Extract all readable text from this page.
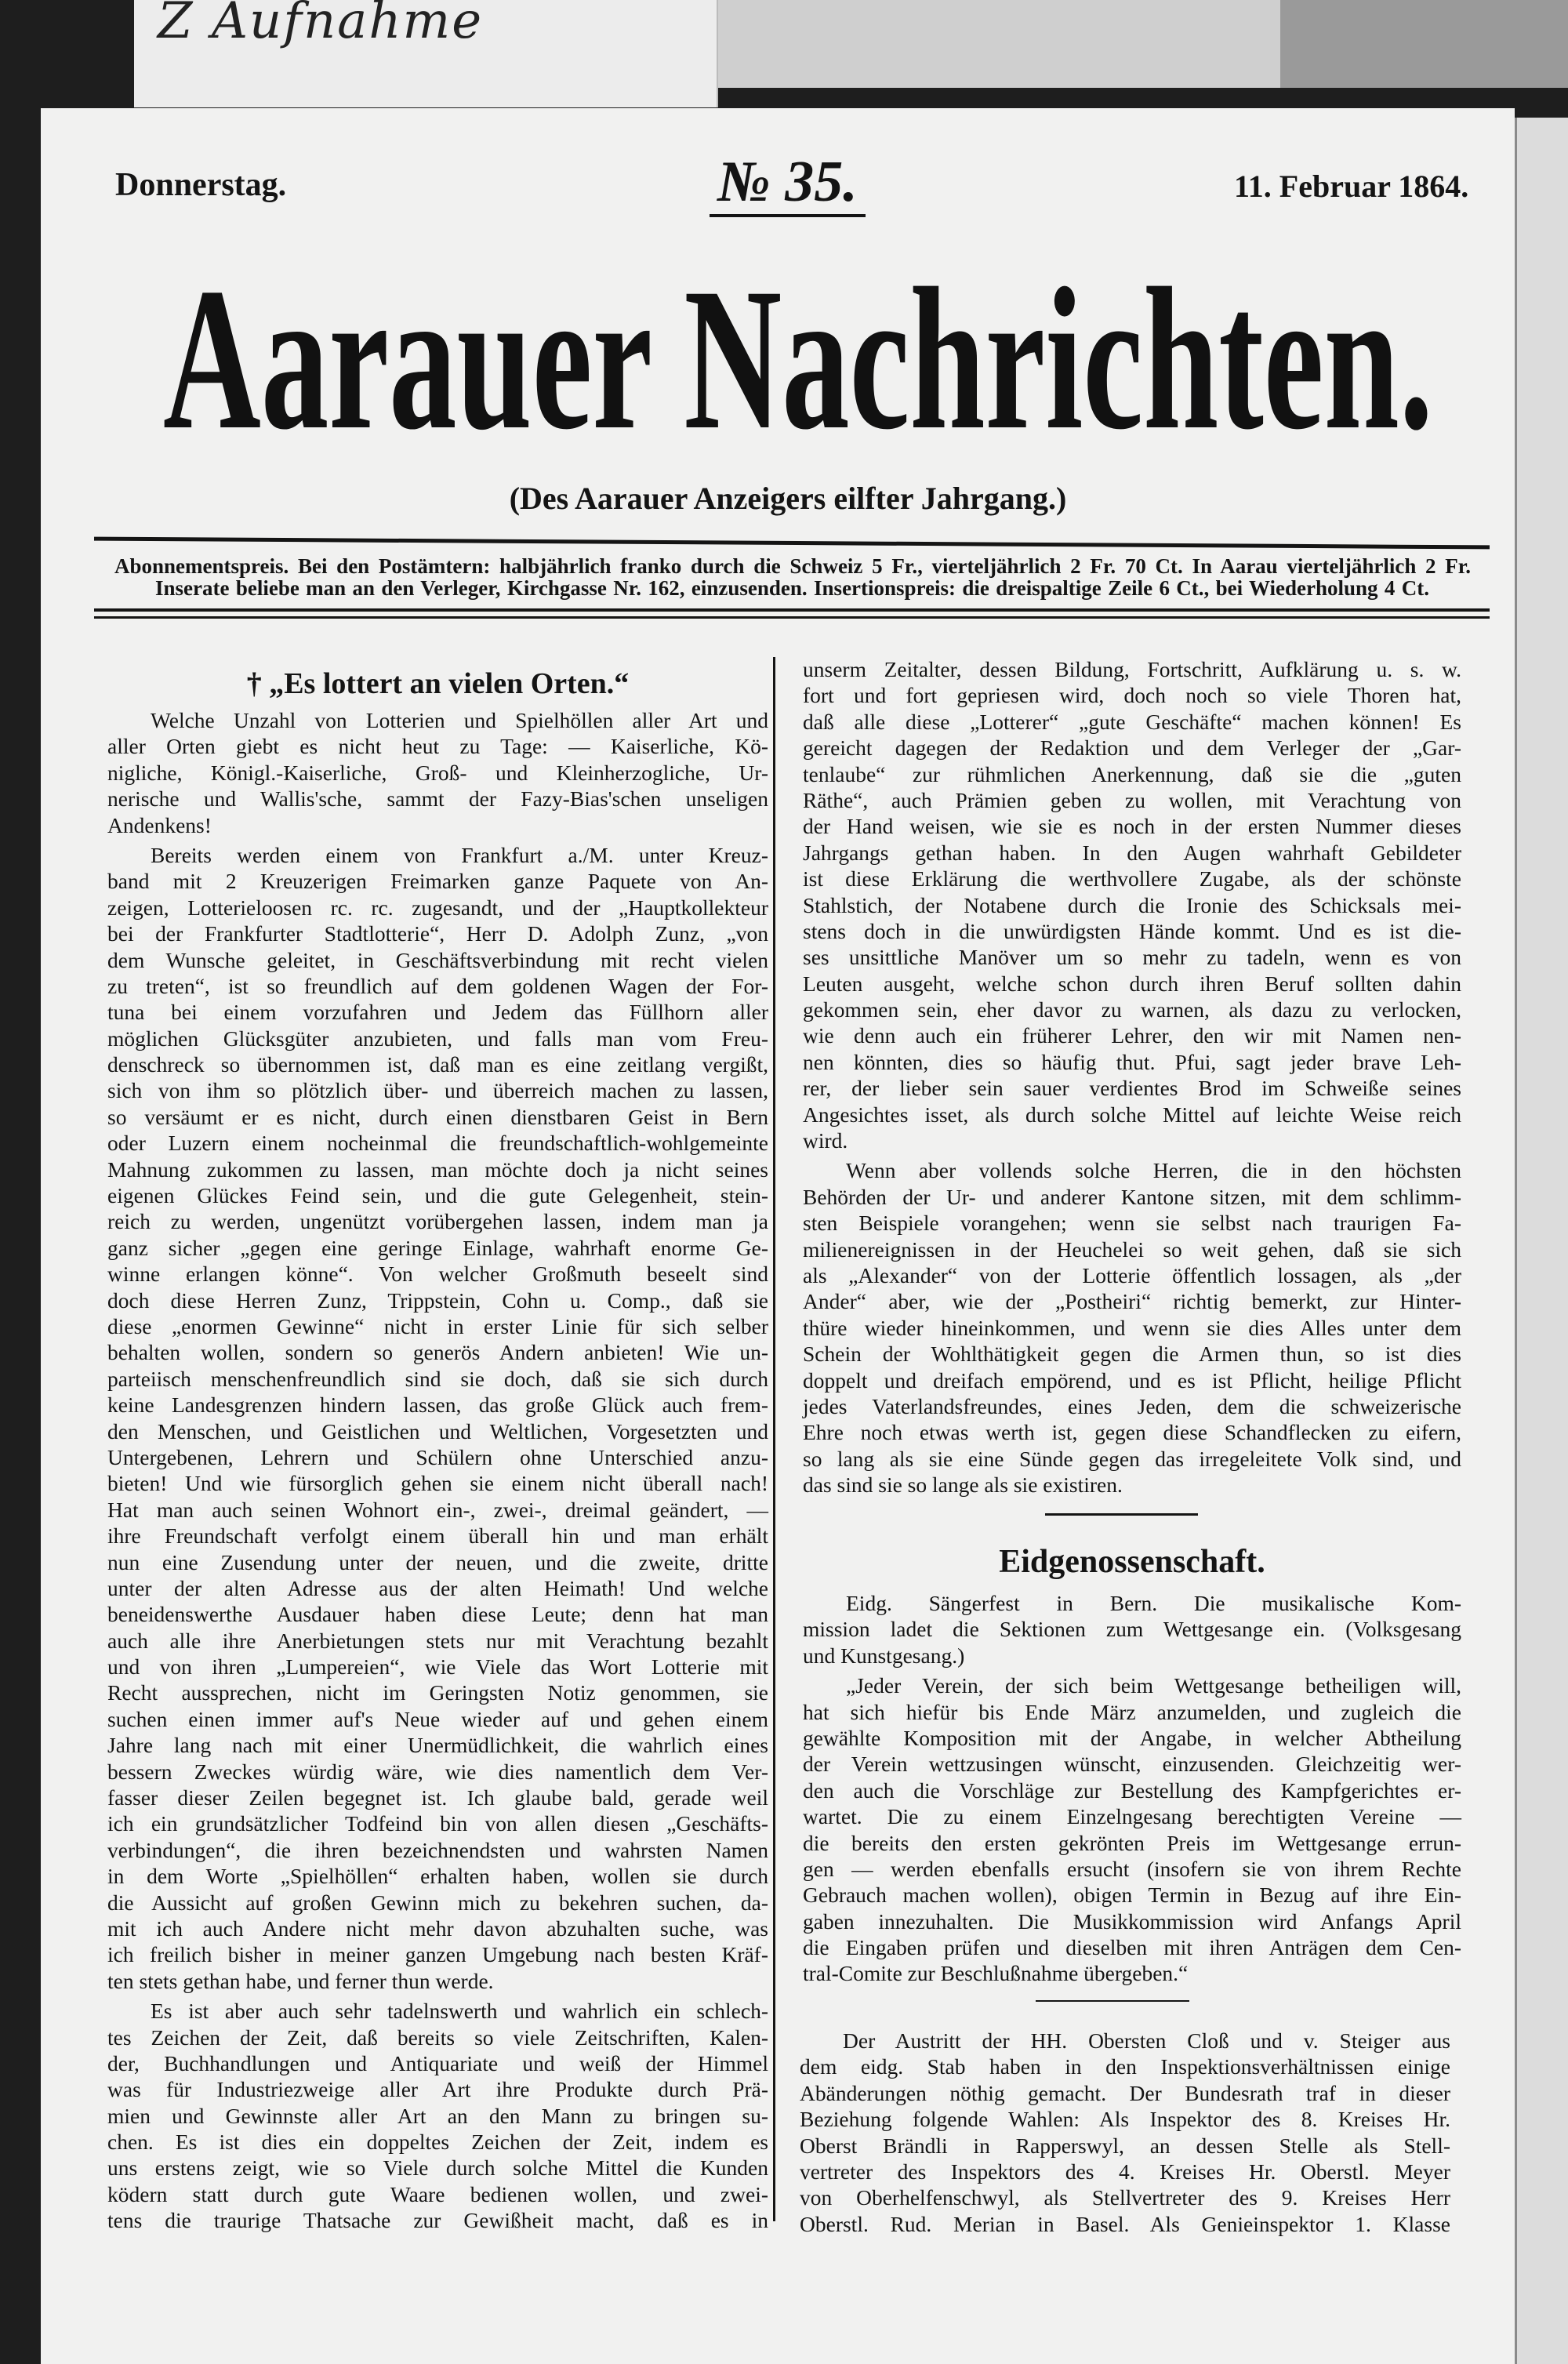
Z Aufnahme
Donnerstag.	№ 35.	11. Februar 1864.
Aarauer Nachrichten.
(Des Aarauer Anzeigers eilfter Jahrgang.)
Abonnementspreis. Bei den Postämtern: halbjährlich franko durch die Schweiz 5 Fr., vierteljährlich 2 Fr. 70 Ct. In Aarau vierteljährlich 2 Fr.
Inserate beliebe man an den Verleger, Kirchgasse Nr. 162, einzusenden. Insertionspreis: die dreispaltige Zeile 6 Ct., bei Wiederholung 4 Ct.
† „Es lottert an vielen Orten.“
Welche Unzahl von Lotterien und Spielhöllen aller Art und
aller Orten giebt es nicht heut zu Tage: — Kaiserliche, Kö-
nigliche, Königl.-Kaiserliche, Groß- und Kleinherzogliche, Ur-
nerische und Wallis'sche, sammt der Fazy-Bias'schen unseligen
Andenkens!
Bereits werden einem von Frankfurt a./M. unter Kreuz-
band mit 2 Kreuzerigen Freimarken ganze Paquete von An-
zeigen, Lotterieloosen rc. rc. zugesandt, und der „Hauptkollekteur
bei der Frankfurter Stadtlotterie“, Herr D. Adolph Zunz, „von
dem Wunsche geleitet, in Geschäftsverbindung mit recht vielen
zu treten“, ist so freundlich auf dem goldenen Wagen der For-
tuna bei einem vorzufahren und Jedem das Füllhorn aller
möglichen Glücksgüter anzubieten, und falls man vom Freu-
denschreck so übernommen ist, daß man es eine zeitlang vergißt,
sich von ihm so plötzlich über- und überreich machen zu lassen,
so versäumt er es nicht, durch einen dienstbaren Geist in Bern
oder Luzern einem nocheinmal die freundschaftlich-wohlgemeinte
Mahnung zukommen zu lassen, man möchte doch ja nicht seines
eigenen Glückes Feind sein, und die gute Gelegenheit, stein-
reich zu werden, ungenützt vorübergehen lassen, indem man ja
ganz sicher „gegen eine geringe Einlage, wahrhaft enorme Ge-
winne erlangen könne“. Von welcher Großmuth beseelt sind
doch diese Herren Zunz, Trippstein, Cohn u. Comp., daß sie
diese „enormen Gewinne“ nicht in erster Linie für sich selber
behalten wollen, sondern so generös Andern anbieten! Wie un-
parteiisch menschenfreundlich sind sie doch, daß sie sich durch
keine Landesgrenzen hindern lassen, das große Glück auch frem-
den Menschen, und Geistlichen und Weltlichen, Vorgesetzten und
Untergebenen, Lehrern und Schülern ohne Unterschied anzu-
bieten! Und wie fürsorglich gehen sie einem nicht überall nach!
Hat man auch seinen Wohnort ein-, zwei-, dreimal geändert, —
ihre Freundschaft verfolgt einem überall hin und man erhält
nun eine Zusendung unter der neuen, und die zweite, dritte
unter der alten Adresse aus der alten Heimath! Und welche
beneidenswerthe Ausdauer haben diese Leute; denn hat man
auch alle ihre Anerbietungen stets nur mit Verachtung bezahlt
und von ihren „Lumpereien“, wie Viele das Wort Lotterie mit
Recht aussprechen, nicht im Geringsten Notiz genommen, sie
suchen einen immer auf's Neue wieder auf und gehen einem
Jahre lang nach mit einer Unermüdlichkeit, die wahrlich eines
bessern Zweckes würdig wäre, wie dies namentlich dem Ver-
fasser dieser Zeilen begegnet ist. Ich glaube bald, gerade weil
ich ein grundsätzlicher Todfeind bin von allen diesen „Geschäfts-
verbindungen“, die ihren bezeichnendsten und wahrsten Namen
in dem Worte „Spielhöllen“ erhalten haben, wollen sie durch
die Aussicht auf großen Gewinn mich zu bekehren suchen, da-
mit ich auch Andere nicht mehr davon abzuhalten suche, was
ich freilich bisher in meiner ganzen Umgebung nach besten Kräf-
ten stets gethan habe, und ferner thun werde.
Es ist aber auch sehr tadelnswerth und wahrlich ein schlech-
tes Zeichen der Zeit, daß bereits so viele Zeitschriften, Kalen-
der, Buchhandlungen und Antiquariate und weiß der Himmel
was für Industriezweige aller Art ihre Produkte durch Prä-
mien und Gewinnste aller Art an den Mann zu bringen su-
chen. Es ist dies ein doppeltes Zeichen der Zeit, indem es
uns erstens zeigt, wie so Viele durch solche Mittel die Kunden
ködern statt durch gute Waare bedienen wollen, und zwei-
tens die traurige Thatsache zur Gewißheit macht, daß es in
unserm Zeitalter, dessen Bildung, Fortschritt, Aufklärung u. s. w.
fort und fort gepriesen wird, doch noch so viele Thoren hat,
daß alle diese „Lotterer“ „gute Geschäfte“ machen können! Es
gereicht dagegen der Redaktion und dem Verleger der „Gar-
tenlaube“ zur rühmlichen Anerkennung, daß sie die „guten
Räthe“, auch Prämien geben zu wollen, mit Verachtung von
der Hand weisen, wie sie es noch in der ersten Nummer dieses
Jahrgangs gethan haben. In den Augen wahrhaft Gebildeter
ist diese Erklärung die werthvollere Zugabe, als der schönste
Stahlstich, der Notabene durch die Ironie des Schicksals mei-
stens doch in die unwürdigsten Hände kommt. Und es ist die-
ses unsittliche Manöver um so mehr zu tadeln, wenn es von
Leuten ausgeht, welche schon durch ihren Beruf sollten dahin
gekommen sein, eher davor zu warnen, als dazu zu verlocken,
wie denn auch ein früherer Lehrer, den wir mit Namen nen-
nen könnten, dies so häufig thut. Pfui, sagt jeder brave Leh-
rer, der lieber sein sauer verdientes Brod im Schweiße seines
Angesichtes isset, als durch solche Mittel auf leichte Weise reich
wird.
Wenn aber vollends solche Herren, die in den höchsten
Behörden der Ur- und anderer Kantone sitzen, mit dem schlimm-
sten Beispiele vorangehen; wenn sie selbst nach traurigen Fa-
milienereignissen in der Heuchelei so weit gehen, daß sie sich
als „Alexander“ von der Lotterie öffentlich lossagen, als „der
Ander“ aber, wie der „Postheiri“ richtig bemerkt, zur Hinter-
thüre wieder hineinkommen, und wenn sie dies Alles unter dem
Schein der Wohlthätigkeit gegen die Armen thun, so ist dies
doppelt und dreifach empörend, und es ist Pflicht, heilige Pflicht
jedes Vaterlandsfreundes, eines Jeden, dem die schweizerische
Ehre noch etwas werth ist, gegen diese Schandflecken zu eifern,
so lang als sie eine Sünde gegen das irregeleitete Volk sind, und
das sind sie so lange als sie existiren.
Eidgenossenschaft.
Eidg. Sängerfest in Bern. Die musikalische Kom-
mission ladet die Sektionen zum Wettgesange ein. (Volksgesang
und Kunstgesang.)
„Jeder Verein, der sich beim Wettgesange betheiligen will,
hat sich hiefür bis Ende März anzumelden, und zugleich die
gewählte Komposition mit der Angabe, in welcher Abtheilung
der Verein wettzusingen wünscht, einzusenden. Gleichzeitig wer-
den auch die Vorschläge zur Bestellung des Kampfgerichtes er-
wartet. Die zu einem Einzelngesang berechtigten Vereine —
die bereits den ersten gekrönten Preis im Wettgesange errun-
gen — werden ebenfalls ersucht (insofern sie von ihrem Rechte
Gebrauch machen wollen), obigen Termin in Bezug auf ihre Ein-
gaben innezuhalten. Die Musikkommission wird Anfangs April
die Eingaben prüfen und dieselben mit ihren Anträgen dem Cen-
tral-Comite zur Beschlußnahme übergeben.“
Der Austritt der HH. Obersten Cloß und v. Steiger aus
dem eidg. Stab haben in den Inspektionsverhältnissen einige
Abänderungen nöthig gemacht. Der Bundesrath traf in dieser
Beziehung folgende Wahlen: Als Inspektor des 8. Kreises Hr.
Oberst Brändli in Rapperswyl, an dessen Stelle als Stell-
vertreter des Inspektors des 4. Kreises Hr. Oberstl. Meyer
von Oberhelfenschwyl, als Stellvertreter des 9. Kreises Herr
Oberstl. Rud. Merian in Basel. Als Genieinspektor 1. Klasse
